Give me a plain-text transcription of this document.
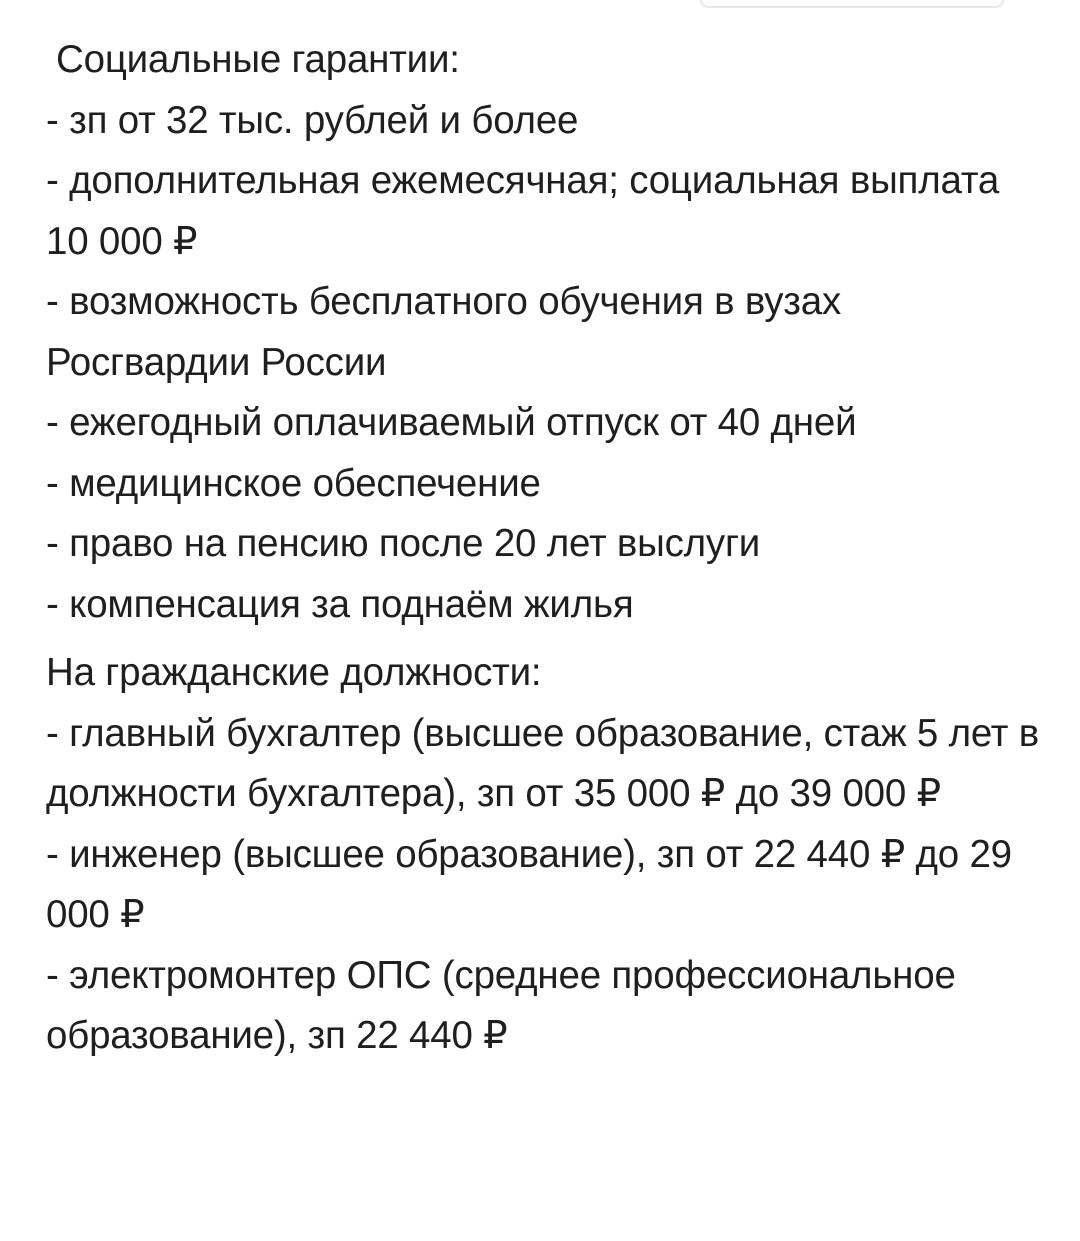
Социальные гарантии:
- зп от 32 тыс. рублей и более
- дополнительная ежемесячная; социальная выплата 10 000 ₽
- возможность бесплатного обучения в вузах Росгвардии России
- ежегодный оплачиваемый отпуск от 40 дней
- медицинское обеспечение
- право на пенсию после 20 лет выслуги
- компенсация за поднаём жилья
На гражданские должности:
- главный бухгалтер (высшее образование, стаж 5 лет в должности бухгалтера), зп от 35 000 ₽ до 39 000 ₽
- инженер (высшее образование), зп от 22 440 ₽ до 29 000 ₽
- электромонтер ОПС (среднее профессиональное образование), зп 22 440 ₽
